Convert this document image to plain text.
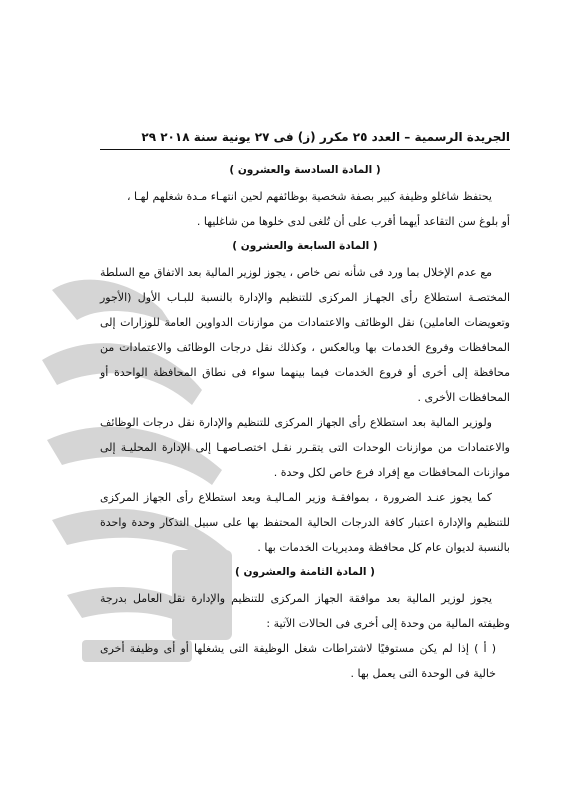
الجريدة الرسمية – العدد ٢٥ مكرر (ز) فى ٢٧ يونية سنة ٢٠١٨ ٢٩
( المادة السادسة والعشرون )

يحتفظ شاغلو وظيفة كبير بصفة شخصية بوظائفهم لحين انتهـاء مـدة شغلهم لهـا ،

أو بلوغ سن التقاعد أيهما أقرب على أن تُلغى لدى خلوها من شاغليها .

( المادة السابعة والعشرون )

مع عدم الإخلال بما ورد فى شأنه نص خاص ، يجوز لوزير المالية بعد الاتفاق مع السلطة المختصـة استطلاع رأى الجهـاز المركزى للتنظيم والإدارة بالنسبة للبـاب الأول (الأجور وتعويضات العاملين) نقل الوظائف والاعتمادات من موازنات الدواوين العامة للوزارات إلى المحافظات وفروع الخدمات بها وبالعكس ، وكذلك نقل درجات الوظائف والاعتمادات من محافظة إلى أخرى أو فروع الخدمات فيما بينهما سواء فى نطاق المحافظة الواحدة أو المحافظات الأخرى .

ولوزير المالية بعد استطلاع رأى الجهاز المركزى للتنظيم والإدارة نقل درجات الوظائف والاعتمادات من موازنات الوحدات التى يتقـرر نقـل اختصـاصهـا إلى الإدارة المحليـة إلى موازنات المحافظات مع إفراد فرع خاص لكل وحدة .

كما يجوز عنـد الضرورة ، بموافقـة وزير المـاليـة وبعد استطلاع رأى الجهاز المركزى للتنظيم والإدارة اعتبار كافة الدرجات الحالية المحتفظ بها على سبيل التذكار وحدة واحدة بالنسبة لديوان عام كل محافظة ومديريات الخدمات بها .

( المادة الثامنة والعشرون )

يجوز لوزير المالية بعد موافقة الجهاز المركزى للتنظيم والإدارة نقل العامل بدرجة وظيفته المالية من وحدة إلى أخرى فى الحالات الآتية :

( أ ) إذا لم يكن مستوفيًا لاشتراطات شغل الوظيفة التى يشغلها أو أى وظيفة أخرى خالية فى الوحدة التى يعمل بها .
